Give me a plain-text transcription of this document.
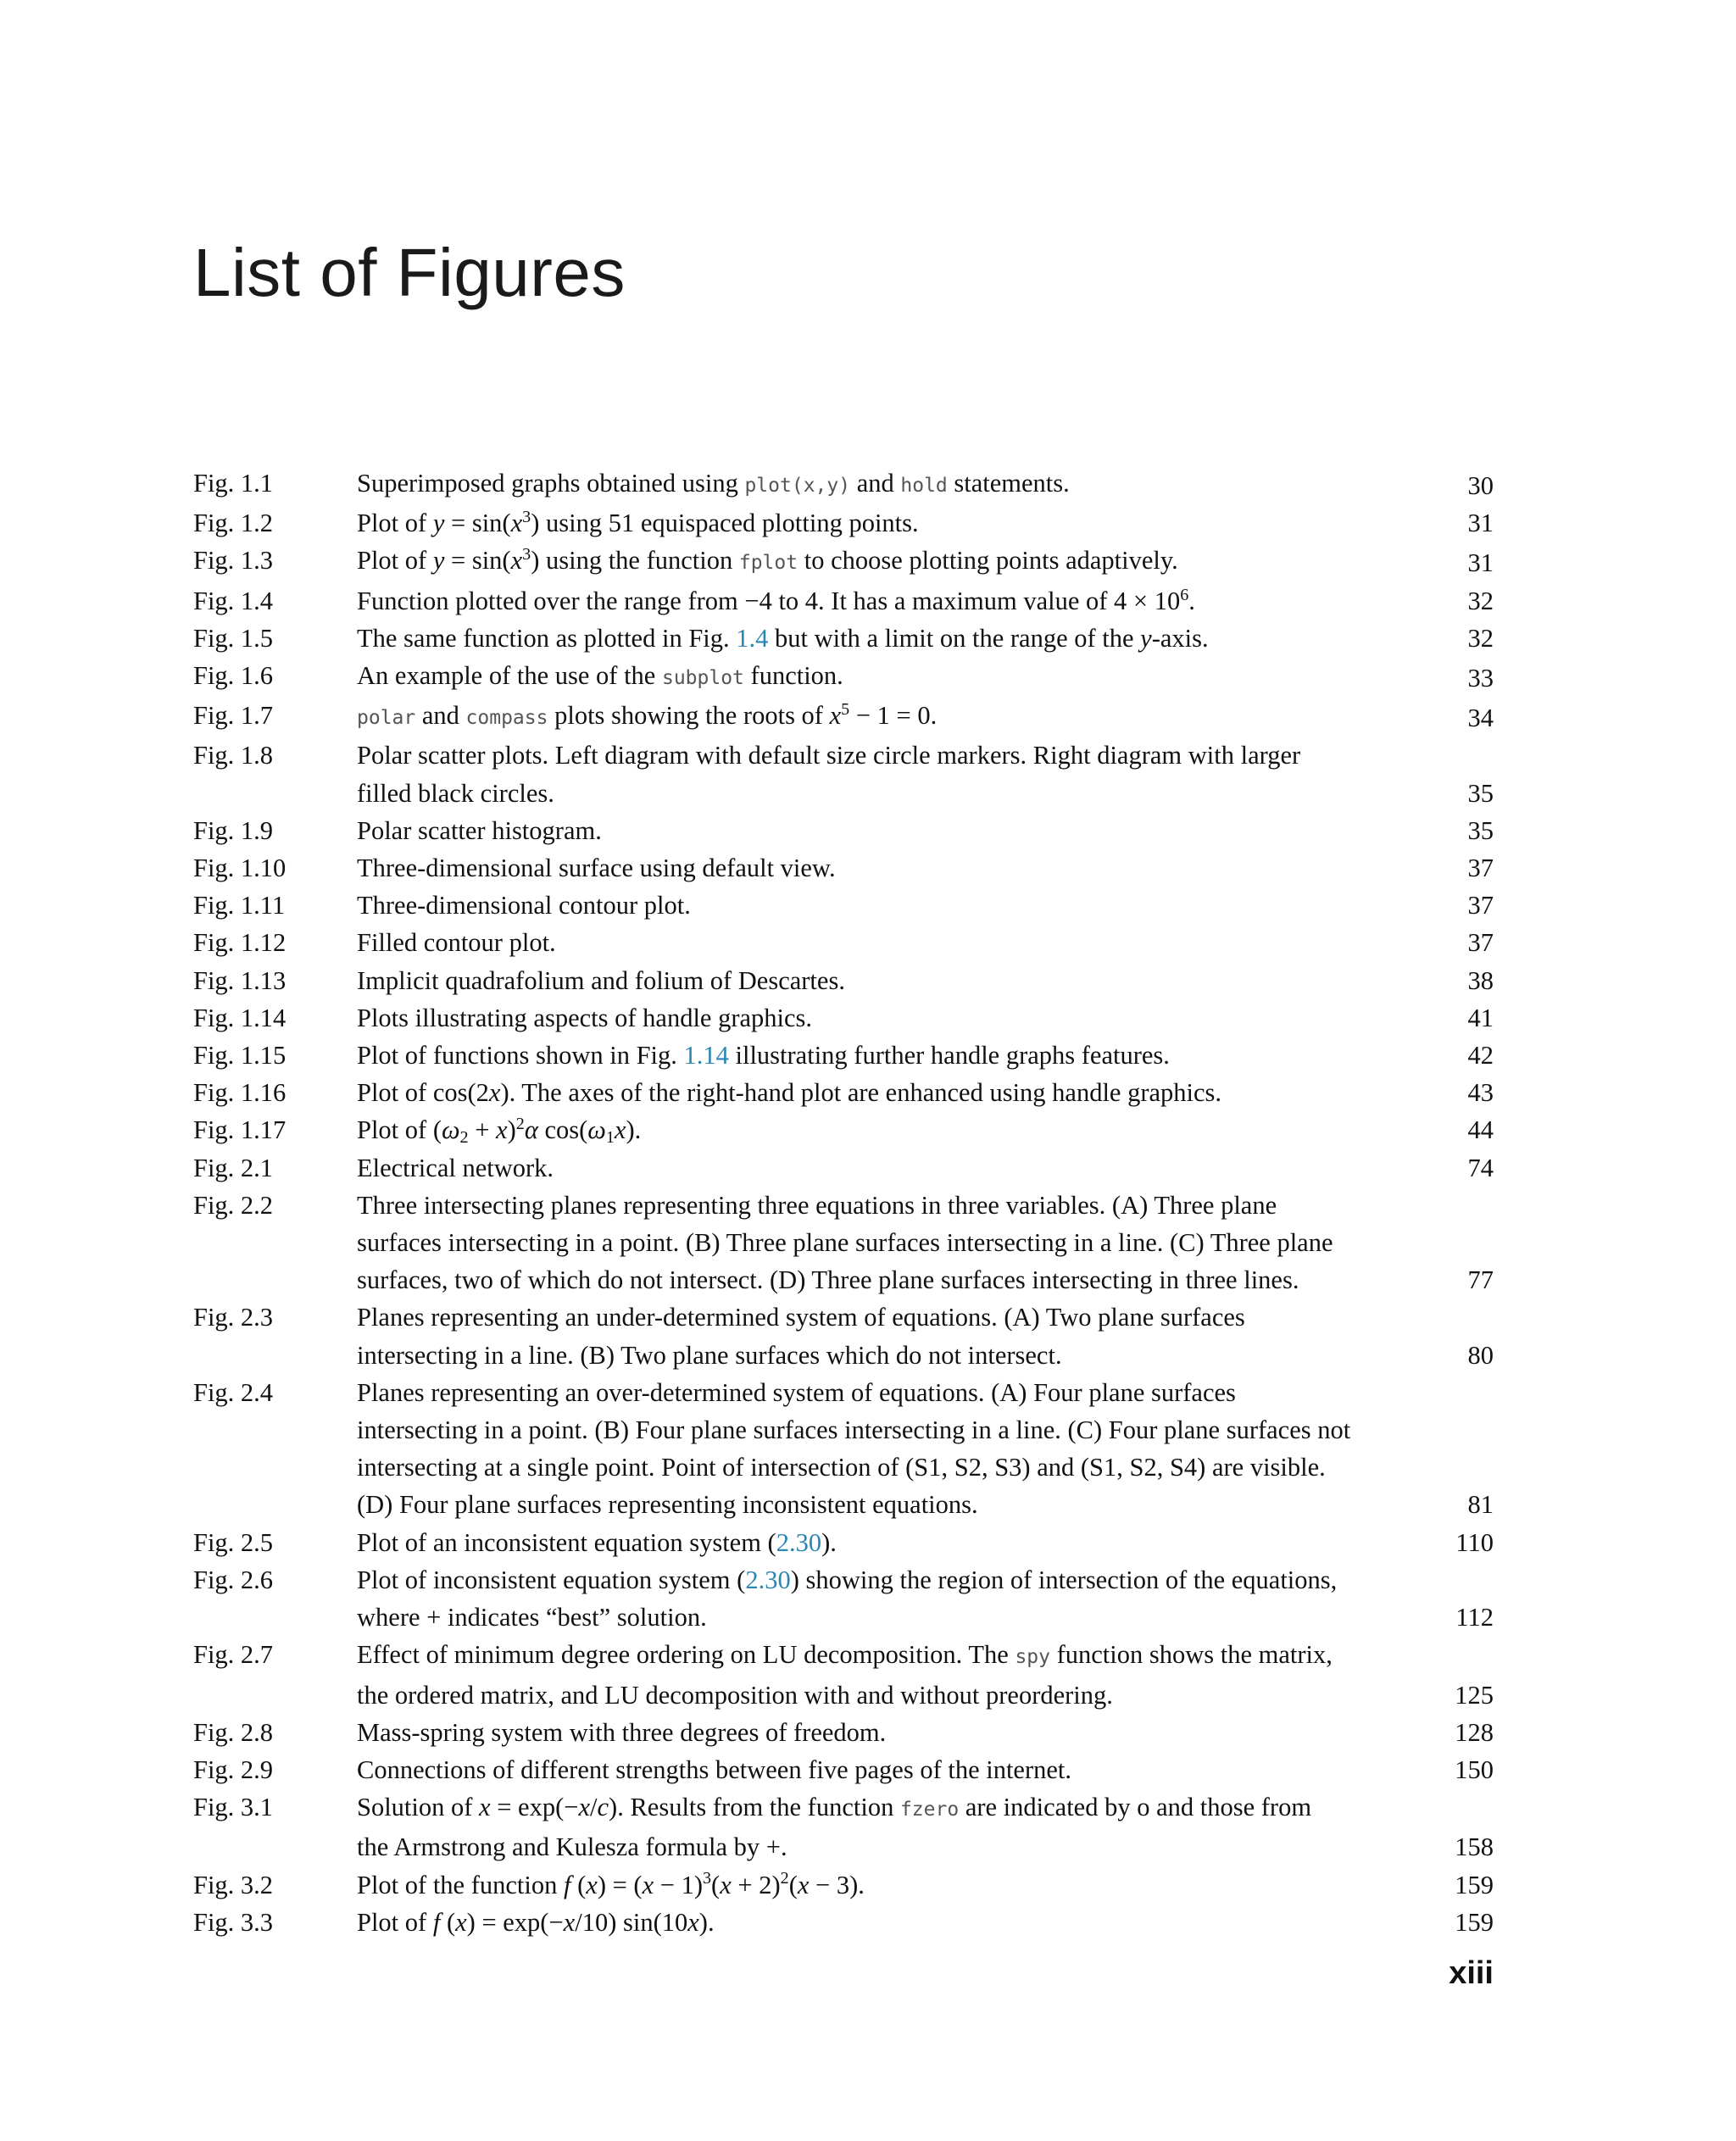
List of Figures
Fig. 1.1	Superimposed graphs obtained using plot(x,y) and hold statements.	30
Fig. 1.2	Plot of $y = \sin(x^3)$ using 51 equispaced plotting points.	31
Fig. 1.3	Plot of $y = \sin(x^3)$ using the function fplot to choose plotting points adaptively.	31
Fig. 1.4	Function plotted over the range from −4 to 4. It has a maximum value of $4 \times 10^6$.	32
Fig. 1.5	The same function as plotted in Fig. 1.4 but with a limit on the range of the y-axis.	32
Fig. 1.6	An example of the use of the subplot function.	33
Fig. 1.7	polar and compass plots showing the roots of $x^5 - 1 = 0$.	34
Fig. 1.8	Polar scatter plots. Left diagram with default size circle markers. Right diagram with larger
filled black circles.	35
Fig. 1.9	Polar scatter histogram.	35
Fig. 1.10	Three-dimensional surface using default view.	37
Fig. 1.11	Three-dimensional contour plot.	37
Fig. 1.12	Filled contour plot.	37
Fig. 1.13	Implicit quadrafolium and folium of Descartes.	38
Fig. 1.14	Plots illustrating aspects of handle graphics.	41
Fig. 1.15	Plot of functions shown in Fig. 1.14 illustrating further handle graphs features.	42
Fig. 1.16	Plot of cos(2x). The axes of the right-hand plot are enhanced using handle graphics.	43
Fig. 1.17	Plot of $(\omega_2 + x)^2\alpha$ $\cos(\omega_1x)$.	44
Fig. 2.1	Electrical network.	74
Fig. 2.2	Three intersecting planes representing three equations in three variables. (A) Three plane
surfaces intersecting in a point. (B) Three plane surfaces intersecting in a line. (C) Three plane
surfaces, two of which do not intersect. (D) Three plane surfaces intersecting in three lines.	77
Fig. 2.3	Planes representing an under-determined system of equations. (A) Two plane surfaces
intersecting in a line. (B) Two plane surfaces which do not intersect.	80
Fig. 2.4	Planes representing an over-determined system of equations. (A) Four plane surfaces
intersecting in a point. (B) Four plane surfaces intersecting in a line. (C) Four plane surfaces not
intersecting at a single point. Point of intersection of (S1, S2, S3) and (S1, S2, S4) are visible.
(D) Four plane surfaces representing inconsistent equations.	81
Fig. 2.5	Plot of an inconsistent equation system (2.30).	110
Fig. 2.6	Plot of inconsistent equation system (2.30) showing the region of intersection of the equations,
where + indicates “best” solution.	112
Fig. 2.7	Effect of minimum degree ordering on LU decomposition. The spy function shows the matrix,
the ordered matrix, and LU decomposition with and without preordering.	125
Fig. 2.8	Mass-spring system with three degrees of freedom.	128
Fig. 2.9	Connections of different strengths between five pages of the internet.	150
Fig. 3.1	Solution of x = exp(−x/c). Results from the function fzero are indicated by o and those from
the Armstrong and Kulesza formula by +.	158
Fig. 3.2	Plot of the function f $(x) = (x - 1)^3(x + 2)^2(x - 3)$.	159
Fig. 3.3	Plot of f (x) = exp(−x/10) sin(10x).	159
xiii
